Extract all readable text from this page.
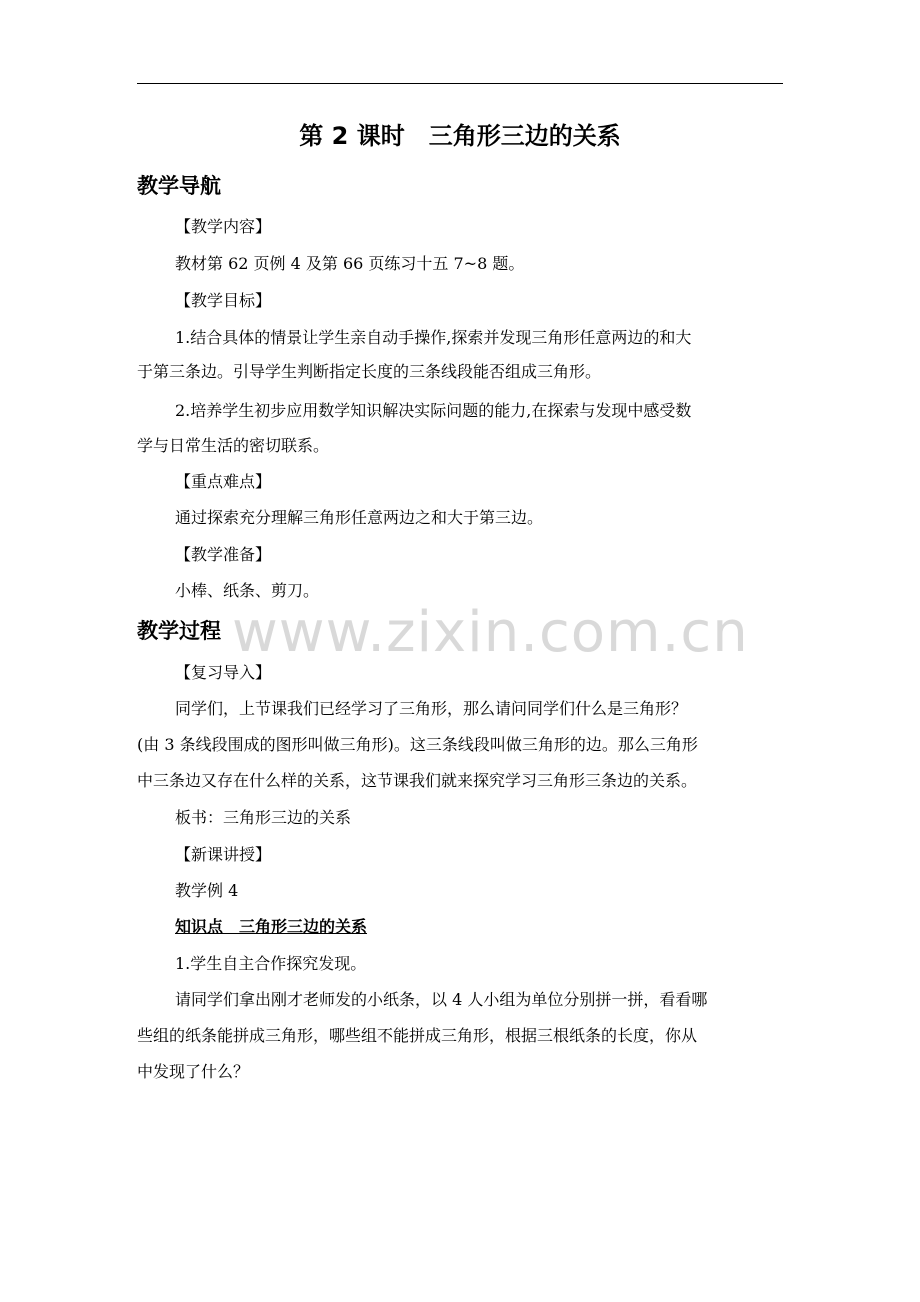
第 2 课时　三角形三边的关系
教学导航
【教学内容】
教材第 62 页例 4 及第 66 页练习十五 7~8 题。
【教学目标】
1.结合具体的情景让学生亲自动手操作,探索并发现三角形任意两边的和大
于第三条边。引导学生判断指定长度的三条线段能否组成三角形。
2.培养学生初步应用数学知识解决实际问题的能力,在探索与发现中感受数
学与日常生活的密切联系。
【重点难点】
通过探索充分理解三角形任意两边之和大于第三边。
【教学准备】
小棒、纸条、剪刀。
www.zixin.com.cn
教学过程
【复习导入】
同学们，上节课我们已经学习了三角形，那么请问同学们什么是三角形？
(由 3 条线段围成的图形叫做三角形)。这三条线段叫做三角形的边。那么三角形
中三条边又存在什么样的关系，这节课我们就来探究学习三角形三条边的关系。
板书：三角形三边的关系
【新课讲授】
教学例 4
知识点　三角形三边的关系
1.学生自主合作探究发现。
请同学们拿出刚才老师发的小纸条，以 4 人小组为单位分别拼一拼，看看哪
些组的纸条能拼成三角形，哪些组不能拼成三角形，根据三根纸条的长度，你从
中发现了什么？
